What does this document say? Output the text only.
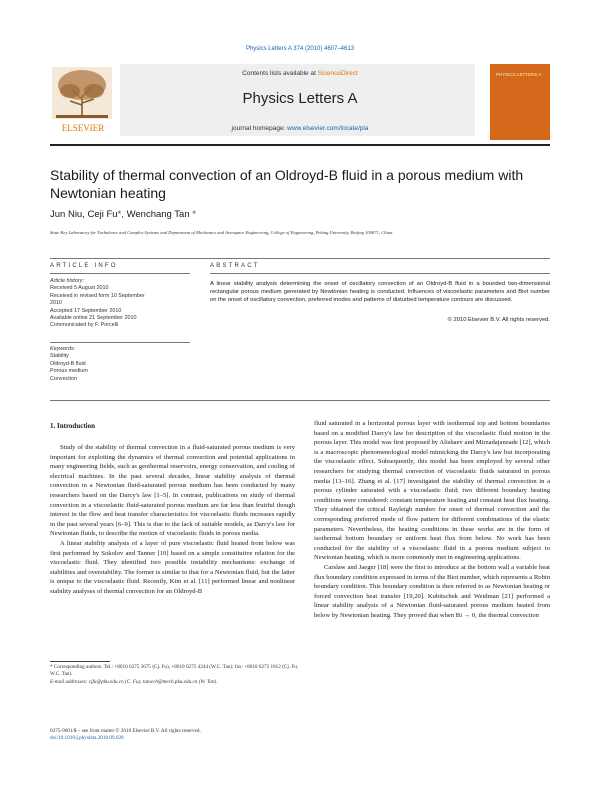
Physics Letters A 374 (2010) 4607–4613
ELSEVIER
Contents lists available at ScienceDirect
Physics Letters A
journal homepage: www.elsevier.com/locate/pla
PHYSICS LETTERS A
Stability of thermal convection of an Oldroyd-B fluid in a porous medium with Newtonian heating
Jun Niu, Ceji Fu*, Wenchang Tan *
State Key Laboratory for Turbulence and Complex Systems and Department of Mechanics and Aerospace Engineering, College of Engineering, Peking University, Beijing 100871, China
ARTICLE INFO	ABSTRACT
Article history:
Received 5 August 2010
Received in revised form 10 September
2010
Accepted 17 September 2010
Available online 21 September 2010
Communicated by F. Porcelli
Keywords:
Stability
Oldroyd-B fluid
Porous medium
Convection
A linear stability analysis determining the onset of oscillatory convection of an Oldroyd-B fluid in a bounded two-dimensional rectangular porous medium generated by Newtonian heating is conducted. Influences of viscoelastic parameters and Biot number on the onset of oscillatory convection, preferred modes and patterns of disturbed temperature contours are discussed.
© 2010 Elsevier B.V. All rights reserved.
1. Introduction

Study of the stability of thermal convection in a fluid-saturated porous medium is very important for exploiting the dynamics of thermal convection and potential applications in many engineering fields, such as geothermal reservoirs, energy conservation, and cooling of electrical machines. In the past several decades, linear stability analysis of thermal convection in a Newtonian fluid-saturated porous medium has been conducted by many researchers based on the Darcy's law [1–5]. In contrast, publications on study of thermal convection in a viscoelastic fluid-saturated porous medium are far less than fruitful though interest in the flow and heat transfer characteristics for viscoelastic fluids increases rapidly in the past several years [6–9]. This is due to the lack of suitable models, as Darcy's law for Newtonian fluids, to describe the motion of viscoelastic fluids in porous media.

A linear stability analysis of a layer of pure viscoelastic fluid heated from below was first performed by Sokolov and Tanner [10] based on a simple constitutive relation for the viscoelastic fluid. They identified two possible instability mechanisms: exchange of stabilities and overstability. The former is similar to that for a Newtonian fluid, but the latter is unique to the viscoelastic fluid. Recently, Kim et al. [11] performed linear and nonlinear stability analyses of thermal convection for an Oldroyd-B

fluid saturated in a horizontal porous layer with isothermal top and bottom boundaries based on a modified Darcy's law for description of the viscoelastic fluid motion in the porous layer. This model was first proposed by Alishaev and Mirzadajanzade [12], which is a macroscopic phenomenological model mimicking the Darcy's law but incorporating the viscoelastic effect. Subsequently, this model has been employed by several other researchers for studying thermal convection of viscoelastic fluids saturated in porous media [13–16]. Zhang et al. [17] investigated the stability of thermal convection in a porous cylinder saturated with a viscoelastic fluid; two different boundary heating conditions were considered: constant temperature heating and constant heat flux heating. They obtained the critical Rayleigh number for onset of thermal convection and the corresponding preferred mode of flow pattern for different combinations of the elastic parameters. Nevertheless, the heating conditions in these works are in the form of isothermal bottom boundary or uniform heat flux from below. No work has been conducted for the stability of a viscoelastic fluid in a porous medium subject to Newtonian heating, which is more commonly met in engineering applications.

Carslaw and Jaeger [18] were the first to introduce at the bottom wall a variable heat flux boundary condition expressed in terms of the Biot number, which represents a Robin boundary condition. This boundary condition is then referred to as Newtonian heating or forced convection heat transfer [19,20]. Kubitschek and Weidman [21] performed a linear stability analysis of a Newtonian fluid-saturated porous medium heated from below by Newtonian heating. They proved that when Bi → 0, the thermal convection

* Corresponding authors. Tel.: +8610 6275 3675 (Cj. Fu), +8610 6275 4244 (W.C. Tan); fax: +8610 6275 1812 (Cj. Fu, W.C. Tan).
E-mail addresses: cjfu@pku.edu.cn (C. Fu), tanwch@mech.pku.edu.cn (W. Tan).
0375-9601/$ – see front matter © 2010 Elsevier B.V. All rights reserved.
doi:10.1016/j.physleta.2010.09.028
